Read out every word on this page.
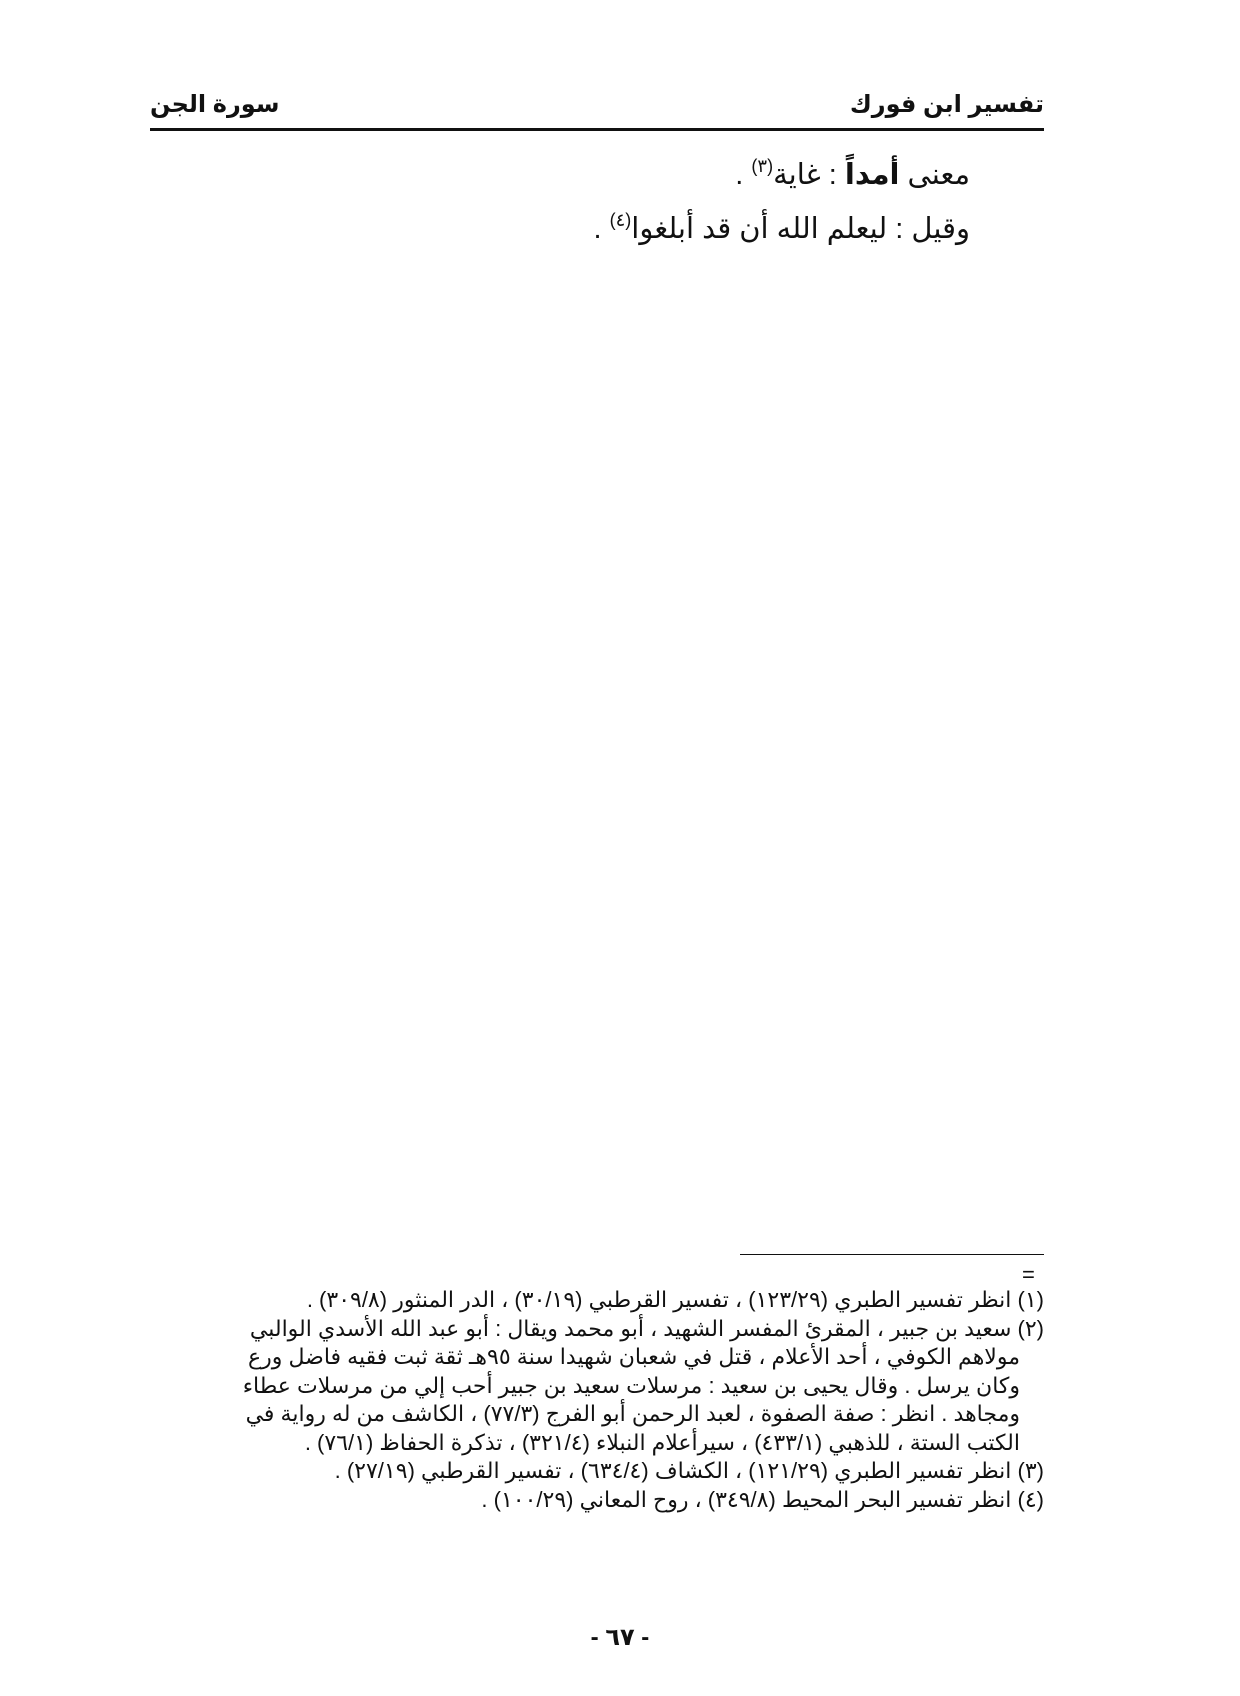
تفسير ابن فورك
سورة الجن
معنى أمداً : غاية$^{(٣)}$ .
وقيل : ليعلم الله أن قد أبلغوا$^{(٤)}$ .
=
(١) انظر تفسير الطبري (١٢٣/٢٩) ، تفسير القرطبي (٣٠/١٩) ، الدر المنثور (٣٠٩/٨) .
(٢) سعيد بن جبير ، المقرئ المفسر الشهيد ، أبو محمد ويقال : أبو عبد الله الأسدي الوالبي
مولاهم الكوفي ، أحد الأعلام ، قتل في شعبان شهيدا سنة ٩٥هـ ثقة ثبت فقيه فاضل ورع
وكان يرسل . وقال يحيى بن سعيد : مرسلات سعيد بن جبير أحب إلي من مرسلات عطاء
ومجاهد . انظر : صفة الصفوة ، لعبد الرحمن أبو الفرج (٧٧/٣) ، الكاشف من له رواية في
الكتب الستة ، للذهبي (٤٣٣/١) ، سيرأعلام النبلاء (٣٢١/٤) ، تذكرة الحفاظ (٧٦/١) .
(٣) انظر تفسير الطبري (١٢١/٢٩) ، الكشاف (٦٣٤/٤) ، تفسير القرطبي (٢٧/١٩) .
(٤) انظر تفسير البحر المحيط (٣٤٩/٨) ، روح المعاني (١٠٠/٢٩) .
- ٦٧ -
